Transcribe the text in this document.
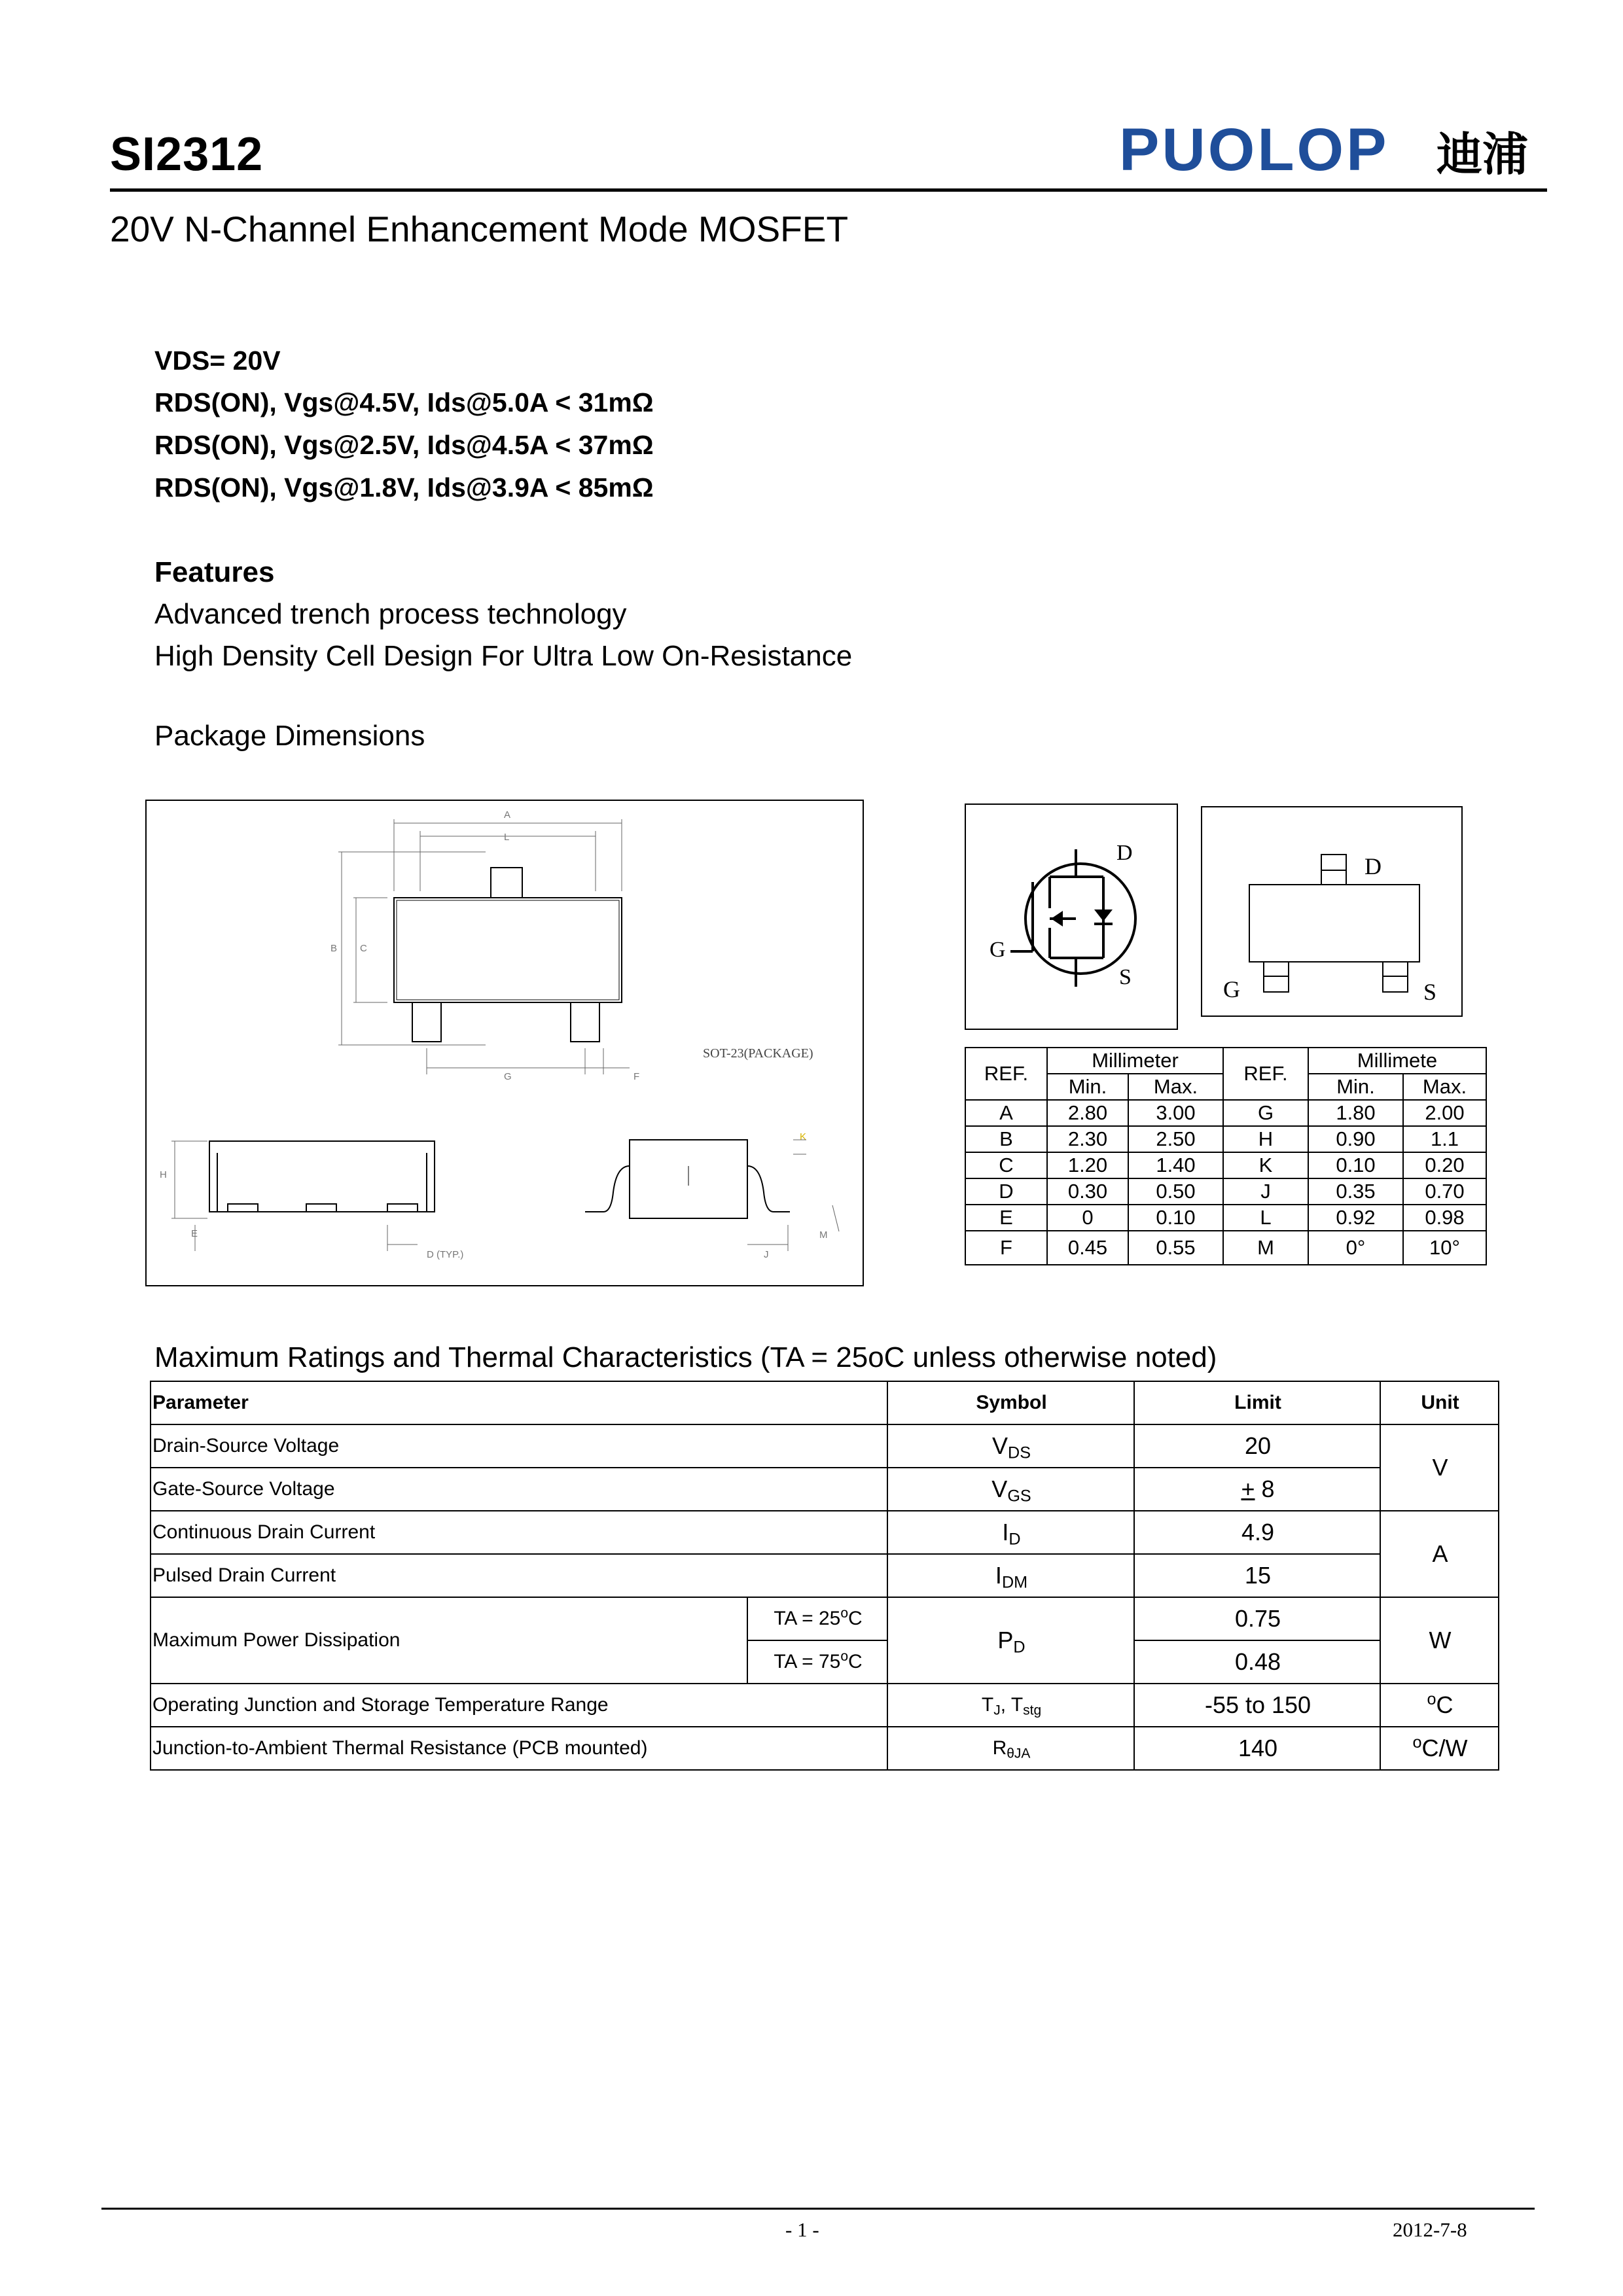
SI2312	PUOLOP 迪浦
20V N-Channel Enhancement Mode MOSFET
VDS= 20V
RDS(ON), Vgs@4.5V, Ids@5.0A < 31mΩ
RDS(ON), Vgs@2.5V, Ids@4.5A < 37mΩ
RDS(ON), Vgs@1.8V, Ids@3.9A < 85mΩ
Features
Advanced trench process technology
High Density Cell Design For Ultra Low On-Resistance
Package Dimensions
A
L
B C
G	F
H
E
J
M
D (TYP.)
K
SOT-23(PACKAGE)
D
G
S
D
G	S
REF.	Millimeter		REF.	Millimete	
	Min.	Max.		Min.	Max.
A	2.80	3.00	G	1.80	2.00
B	2.30	2.50	H	0.90	1.1
C	1.20	1.40	K	0.10	0.20
D	0.30	0.50	J	0.35	0.70
E	0	0.10	L	0.92	0.98
F	0.45	0.55	M	0°	10°
Maximum Ratings and Thermal Characteristics (TA = 25oC unless otherwise noted)
Parameter		Symbol	Limit	Unit
Drain-Source Voltage		$V_{DS}$	20	V
Gate-Source Voltage		$V_{GS}$	+ 8	
Continuous Drain Current		$I_D$	4.9	A
Pulsed Drain Current		$I_{DM}$	15	
Maximum Power Dissipation	TA = $25^oC$	$P_D$	0.75	W
	TA = $75^oC$		0.48	
Operating Junction and Storage Temperature Range		$T_J$, $T_{stg}$	-55 to 150	$^o$C
Junction-to-Ambient Thermal Resistance (PCB mounted)		$R_{\theta JA}$	140	$^o$C/W
- 1 -	2012-7-8
